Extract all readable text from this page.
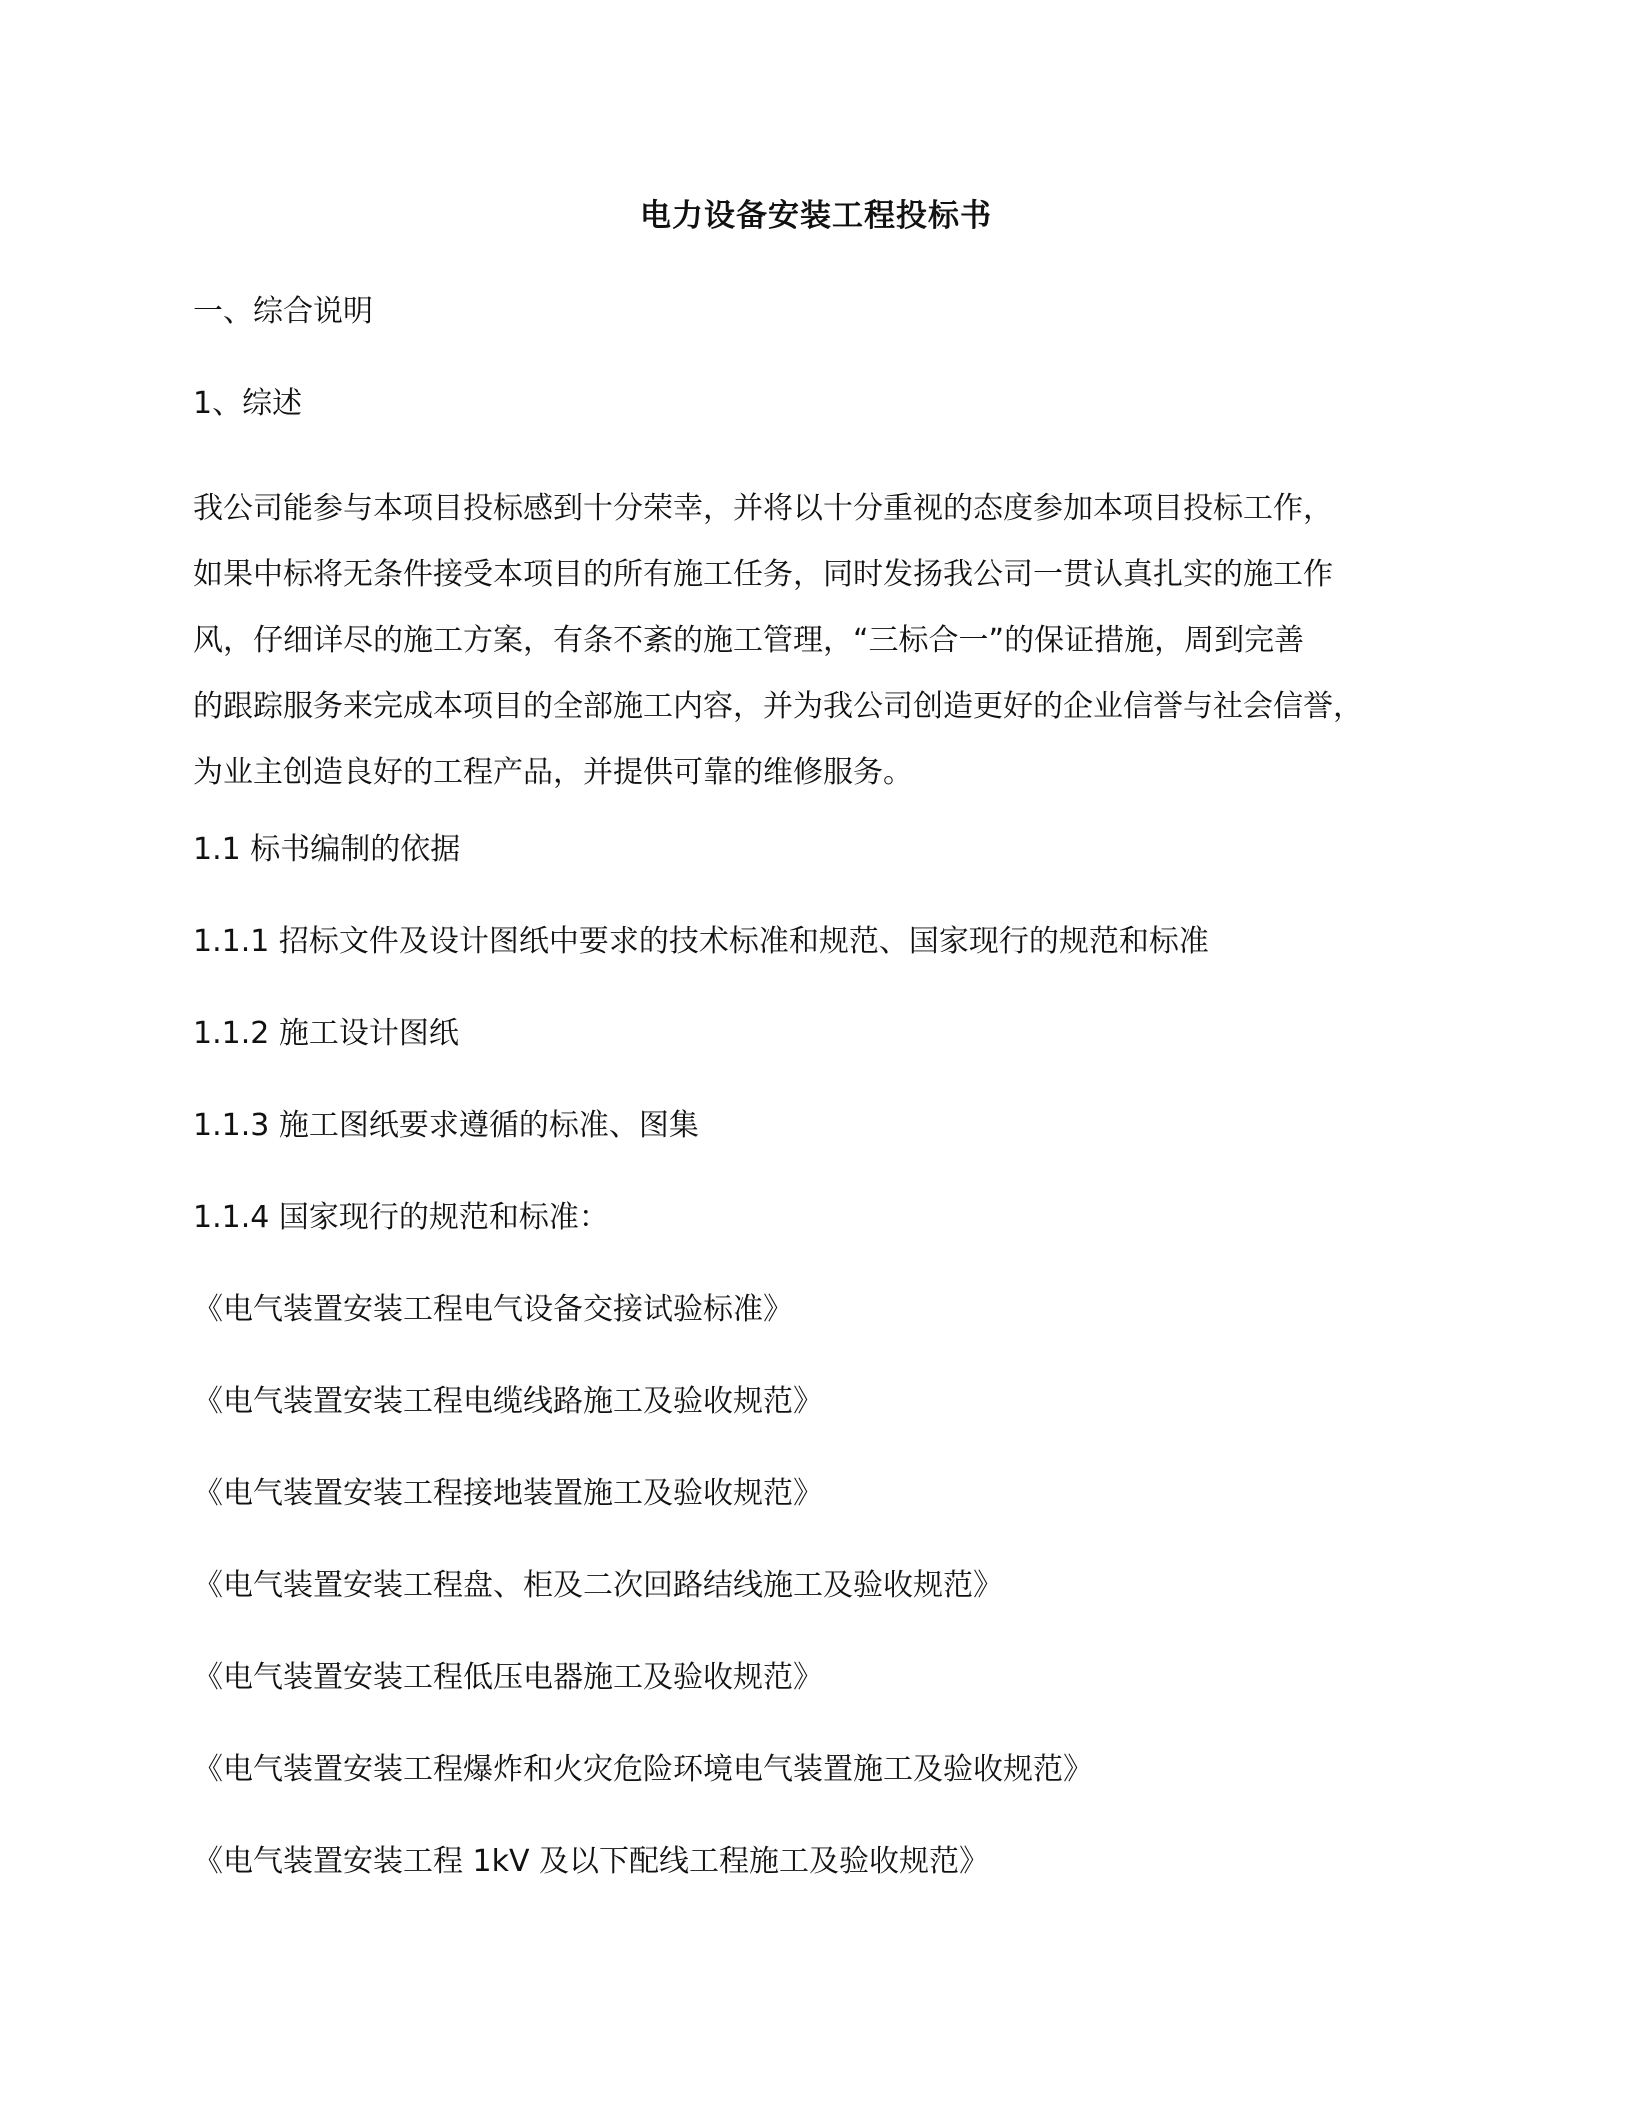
电力设备安装工程投标书
一、综合说明
1、综述
我公司能参与本项目投标感到十分荣幸，并将以十分重视的态度参加本项目投标工作，
如果中标将无条件接受本项目的所有施工任务，同时发扬我公司一贯认真扎实的施工作
风，仔细详尽的施工方案，有条不紊的施工管理，“三标合一”的保证措施，周到完善
的跟踪服务来完成本项目的全部施工内容，并为我公司创造更好的企业信誉与社会信誉，
为业主创造良好的工程产品，并提供可靠的维修服务。
1.1 标书编制的依据
1.1.1 招标文件及设计图纸中要求的技术标准和规范、国家现行的规范和标准
1.1.2 施工设计图纸
1.1.3 施工图纸要求遵循的标准、图集
1.1.4 国家现行的规范和标准：
《电气装置安装工程电气设备交接试验标准》
《电气装置安装工程电缆线路施工及验收规范》
《电气装置安装工程接地装置施工及验收规范》
《电气装置安装工程盘、柜及二次回路结线施工及验收规范》
《电气装置安装工程低压电器施工及验收规范》
《电气装置安装工程爆炸和火灾危险环境电气装置施工及验收规范》
《电气装置安装工程 1kV 及以下配线工程施工及验收规范》
